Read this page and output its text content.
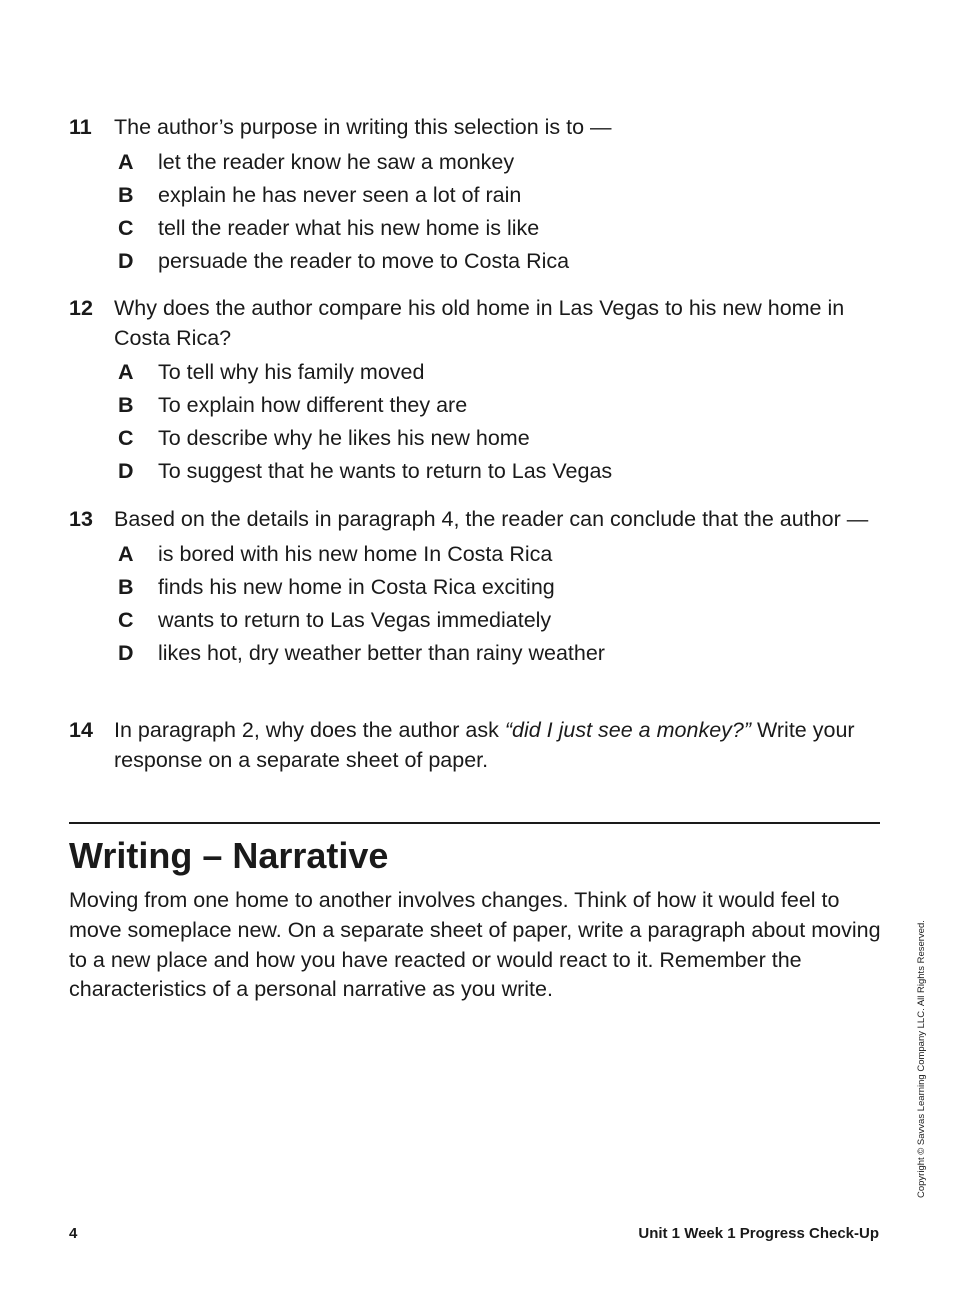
11 The author’s purpose in writing this selection is to —
A let the reader know he saw a monkey
B explain he has never seen a lot of rain
C tell the reader what his new home is like
D persuade the reader to move to Costa Rica
12 Why does the author compare his old home in Las Vegas to his new home in Costa Rica?
A To tell why his family moved
B To explain how different they are
C To describe why he likes his new home
D To suggest that he wants to return to Las Vegas
13 Based on the details in paragraph 4, the reader can conclude that the author —
A is bored with his new home In Costa Rica
B finds his new home in Costa Rica exciting
C wants to return to Las Vegas immediately
D likes hot, dry weather better than rainy weather
14 In paragraph 2, why does the author ask “did I just see a monkey?” Write your response on a separate sheet of paper.
Writing – Narrative

Moving from one home to another involves changes. Think of how it would feel to move someplace new. On a separate sheet of paper, write a paragraph about moving to a new place and how you have reacted or would react to it. Remember the characteristics of a personal narrative as you write.	Copyright © Savvas Learning Company LLC. All Rights Reserved.
4	Unit 1 Week 1 Progress Check-Up
